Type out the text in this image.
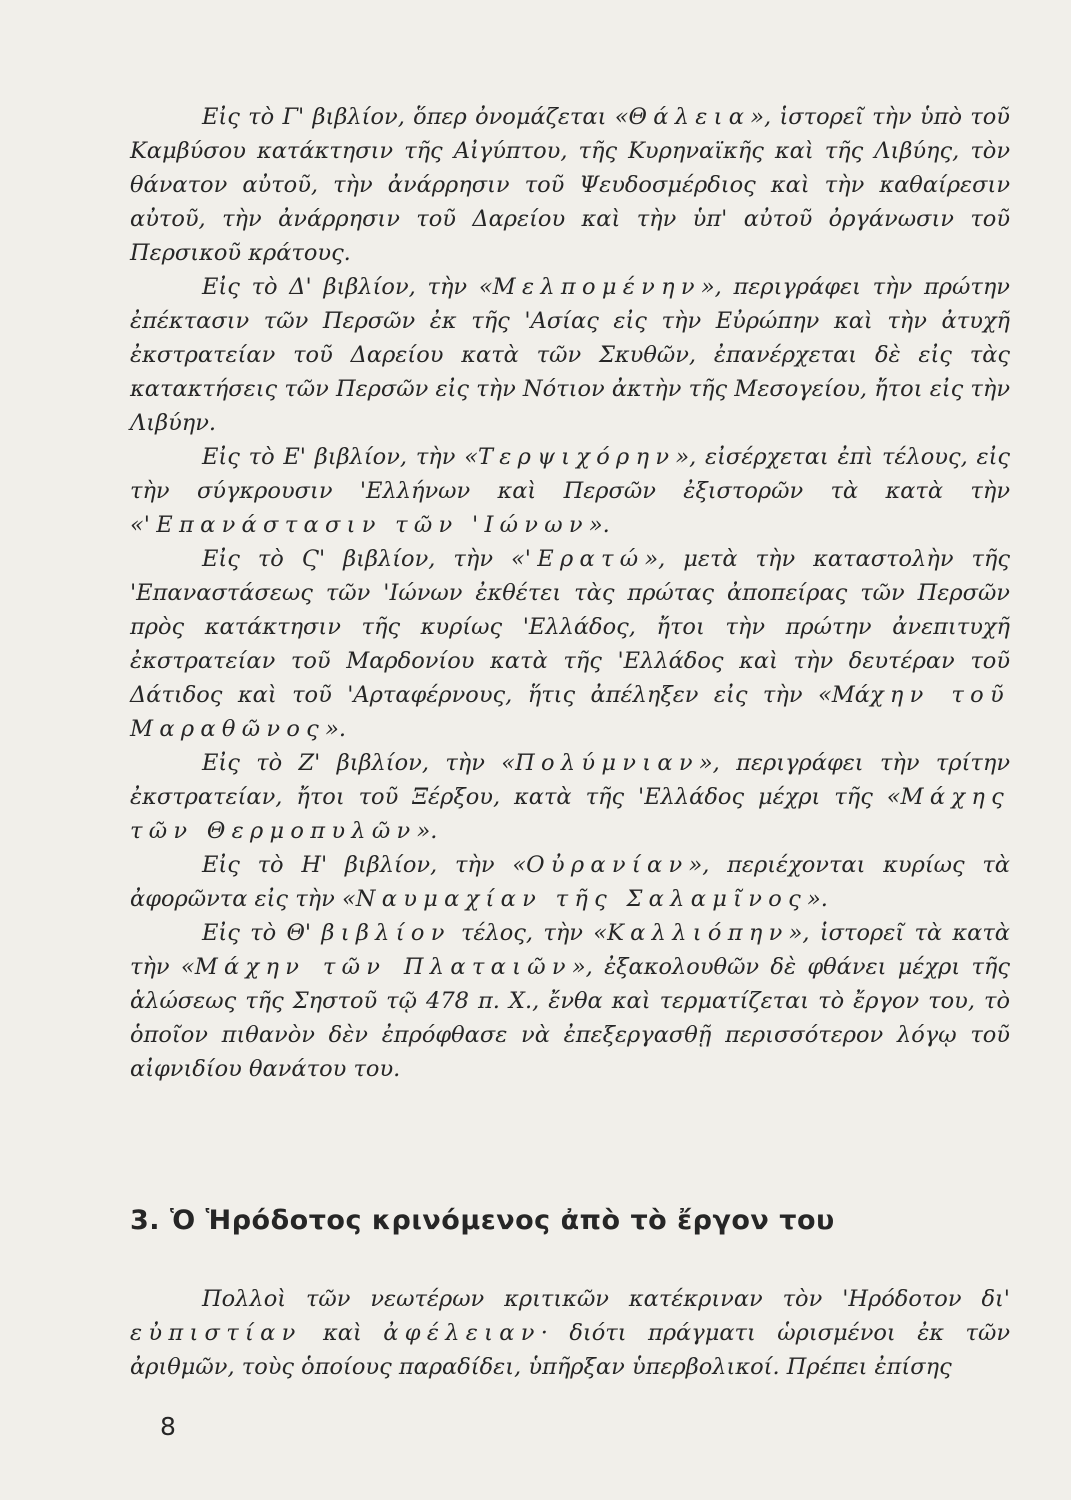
Εἰς τὸ Γ' βιβλίον, ὅπερ ὀνομάζεται «Θάλεια», ἱστορεῖ τὴν ὑπὸ τοῦ Καμβύσου κατάκτησιν τῆς Αἰγύπτου, τῆς Κυρηναϊκῆς καὶ τῆς Λιβύης, τὸν θάνατον αὐτοῦ, τὴν ἀνάρρησιν τοῦ Ψευδοσμέρδιος καὶ τὴν καθαίρεσιν αὐτοῦ, τὴν ἀνάρρησιν τοῦ Δαρείου καὶ τὴν ὑπ' αὐτοῦ ὀργάνωσιν τοῦ Περσικοῦ κράτους.

Εἰς τὸ Δ' βιβλίον, τὴν «Μελπομένην», περιγράφει τὴν πρώτην ἐπέκτασιν τῶν Περσῶν ἐκ τῆς 'Ασίας εἰς τὴν Εὐρώπην καὶ τὴν ἀτυχῆ ἐκστρατείαν τοῦ Δαρείου κατὰ τῶν Σκυθῶν, ἐπανέρχεται δὲ εἰς τὰς κατακτήσεις τῶν Περσῶν εἰς τὴν Νότιον ἀκτὴν τῆς Μεσογείου, ἤτοι εἰς τὴν Λιβύην.

Εἰς τὸ Ε' βιβλίον, τὴν «Τερψιχόρην», εἰσέρχεται ἐπὶ τέλους, εἰς τὴν σύγκρουσιν 'Ελλήνων καὶ Περσῶν ἐξιστορῶν τὰ κατὰ τὴν «'Επανάστασιν τῶν 'Ιώνων».

Εἰς τὸ Ϛ' βιβλίον, τὴν «'Ερατώ», μετὰ τὴν καταστολὴν τῆς 'Επαναστάσεως τῶν 'Ιώνων ἐκθέτει τὰς πρώτας ἀποπείρας τῶν Περσῶν πρὸς κατάκτησιν τῆς κυρίως 'Ελλάδος, ἤτοι τὴν πρώτην ἀνεπιτυχῆ ἐκστρατείαν τοῦ Μαρδονίου κατὰ τῆς 'Ελλάδος καὶ τὴν δευτέραν τοῦ Δάτιδος καὶ τοῦ 'Αρταφέρνους, ἥτις ἀπέληξεν εἰς τὴν «Μάχην τοῦ Μαραθῶνος».

Εἰς τὸ Ζ' βιβλίον, τὴν «Πολύμνιαν», περιγράφει τὴν τρίτην ἐκστρατείαν, ἤτοι τοῦ Ξέρξου, κατὰ τῆς 'Ελλάδος μέχρι τῆς «Μάχης τῶν Θερμοπυλῶν».

Εἰς τὸ Η' βιβλίον, τὴν «Οὐρανίαν», περιέχονται κυρίως τὰ ἀφορῶντα εἰς τὴν «Ναυμαχίαν τῆς Σαλαμῖνος».

Εἰς τὸ Θ' βιβλίον τέλος, τὴν «Καλλιόπην», ἱστορεῖ τὰ κατὰ τὴν «Μάχην τῶν Πλαταιῶν», ἐξακολουθῶν δὲ φθάνει μέχρι τῆς ἁλώσεως τῆς Σηστοῦ τῷ 478 π. Χ., ἔνθα καὶ τερματίζεται τὸ ἔργον του, τὸ ὁποῖον πιθανὸν δὲν ἐπρόφθασε νὰ ἐπεξεργασθῇ περισσότερον λόγῳ τοῦ αἰφνιδίου θανάτου του.

3. Ὁ Ἡρόδοτος κρινόμενος ἀπὸ τὸ ἔργον του

Πολλοὶ τῶν νεωτέρων κριτικῶν κατέκριναν τὸν 'Ηρόδοτον δι' εὐπιστίαν καὶ ἀφέλειαν· διότι πράγματι ὡρισμένοι ἐκ τῶν ἀριθμῶν, τοὺς ὁποίους παραδίδει, ὑπῆρξαν ὑπερβολικοί. Πρέπει ἐπίσης

8
